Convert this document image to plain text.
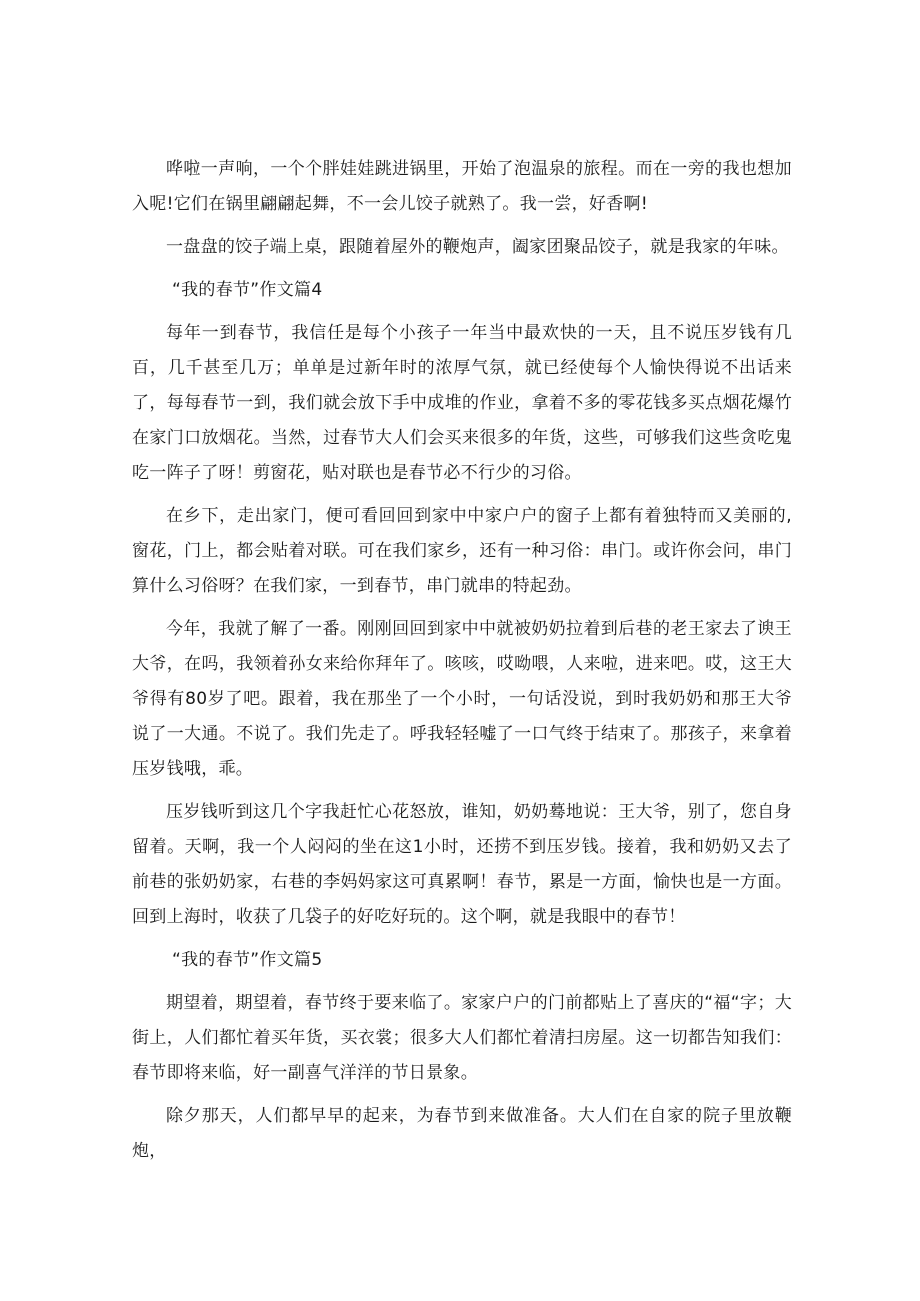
哗啦一声响，一个个胖娃娃跳进锅里，开始了泡温泉的旅程。而在一旁的我也想加入呢!它们在锅里翩翩起舞，不一会儿饺子就熟了。我一尝，好香啊!

一盘盘的饺子端上桌，跟随着屋外的鞭炮声，阖家团聚品饺子，就是我家的年味。

“我的春节”作文篇4

每年一到春节，我信任是每个小孩子一年当中最欢快的一天，且不说压岁钱有几百，几千甚至几万；单单是过新年时的浓厚气氛，就已经使每个人愉快得说不出话来了，每每春节一到，我们就会放下手中成堆的作业，拿着不多的零花钱多买点烟花爆竹在家门口放烟花。当然，过春节大人们会买来很多的年货，这些，可够我们这些贪吃鬼吃一阵子了呀！剪窗花，贴对联也是春节必不行少的习俗。

在乡下，走出家门，便可看回回到家中中家户户的窗子上都有着独特而又美丽的,窗花，门上，都会贴着对联。可在我们家乡，还有一种习俗：串门。或许你会问，串门算什么习俗呀？在我们家，一到春节，串门就串的特起劲。

今年，我就了解了一番。刚刚回回到家中中就被奶奶拉着到后巷的老王家去了谀王大爷，在吗，我领着孙女来给你拜年了。咳咳，哎呦喂，人来啦，进来吧。哎，这王大爷得有80岁了吧。跟着，我在那坐了一个小时，一句话没说，到时我奶奶和那王大爷说了一大通。不说了。我们先走了。呼我轻轻嘘了一口气终于结束了。那孩子，来拿着压岁钱哦，乖。

压岁钱听到这几个字我赶忙心花怒放，谁知，奶奶蓦地说：王大爷，别了，您自身留着。天啊，我一个人闷闷的坐在这1小时，还捞不到压岁钱。接着，我和奶奶又去了前巷的张奶奶家，右巷的李妈妈家这可真累啊！春节，累是一方面，愉快也是一方面。回到上海时，收获了几袋子的好吃好玩的。这个啊，就是我眼中的春节！

“我的春节”作文篇5

期望着，期望着，春节终于要来临了。家家户户的门前都贴上了喜庆的“福“字；大街上，人们都忙着买年货，买衣裳；很多大人们都忙着清扫房屋。这一切都告知我们：春节即将来临，好一副喜气洋洋的节日景象。

除夕那天，人们都早早的起来，为春节到来做准备。大人们在自家的院子里放鞭炮，
